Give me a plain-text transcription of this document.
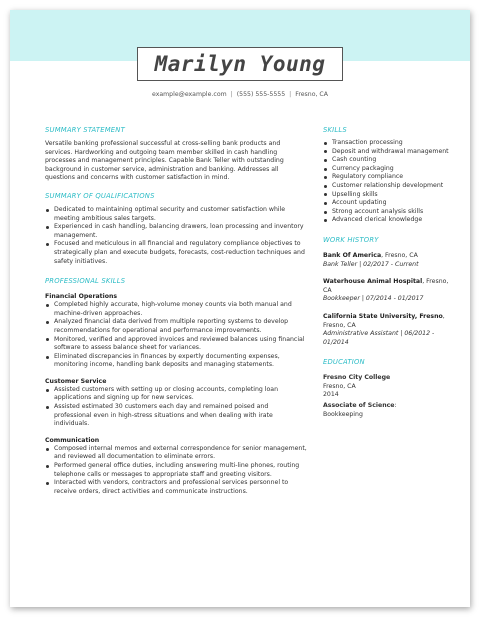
Marilyn Young
example@example.com | (555) 555-5555 | Fresno, CA
SUMMARY STATEMENT

Versatile banking professional successful at cross-selling bank products and services. Hardworking and outgoing team member skilled in cash handling processes and management principles. Capable Bank Teller with outstanding background in customer service, administration and banking. Addresses all questions and concerns with customer satisfaction in mind.

SUMMARY OF QUALIFICATIONS
Dedicated to maintaining optimal security and customer satisfaction while meeting ambitious sales targets.
Experienced in cash handling, balancing drawers, loan processing and inventory management.
Focused and meticulous in all financial and regulatory compliance objectives to strategically plan and execute budgets, forecasts, cost-reduction techniques and safety initiatives.
PROFESSIONAL SKILLS
Financial Operations
Completed highly accurate, high-volume money counts via both manual and machine-driven approaches.
Analyzed financial data derived from multiple reporting systems to develop recommendations for operational and performance improvements.
Monitored, verified and approved invoices and reviewed balances using financial software to assess balance sheet for variances.
Eliminated discrepancies in finances by expertly documenting expenses, monitoring income, handling bank deposits and managing statements.
Customer Service
Assisted customers with setting up or closing accounts, completing loan applications and signing up for new services.
Assisted estimated 30 customers each day and remained poised and professional even in high-stress situations and when dealing with irate individuals.
Communication
Composed internal memos and external correspondence for senior management, and reviewed all documentation to eliminate errors.
Performed general office duties, including answering multi-line phones, routing telephone calls or messages to appropriate staff and greeting visitors.
Interacted with vendors, contractors and professional services personnel to receive orders, direct activities and communicate instructions.
SKILLS
Transaction processing
Deposit and withdrawal management
Cash counting
Currency packaging
Regulatory compliance
Customer relationship development
Upselling skills
Account updating
Strong account analysis skills
Advanced clerical knowledge
WORK HISTORY
Bank Of America, Fresno, CA
Bank Teller | 02/2017 - Current
Waterhouse Animal Hospital, Fresno, CA
Bookkeeper | 07/2014 - 01/2017
California State University, Fresno, Fresno, CA
Administrative Assistant | 06/2012 - 01/2014
EDUCATION
Fresno City College
Fresno, CA
2014
Associate of Science:
Bookkeeping
